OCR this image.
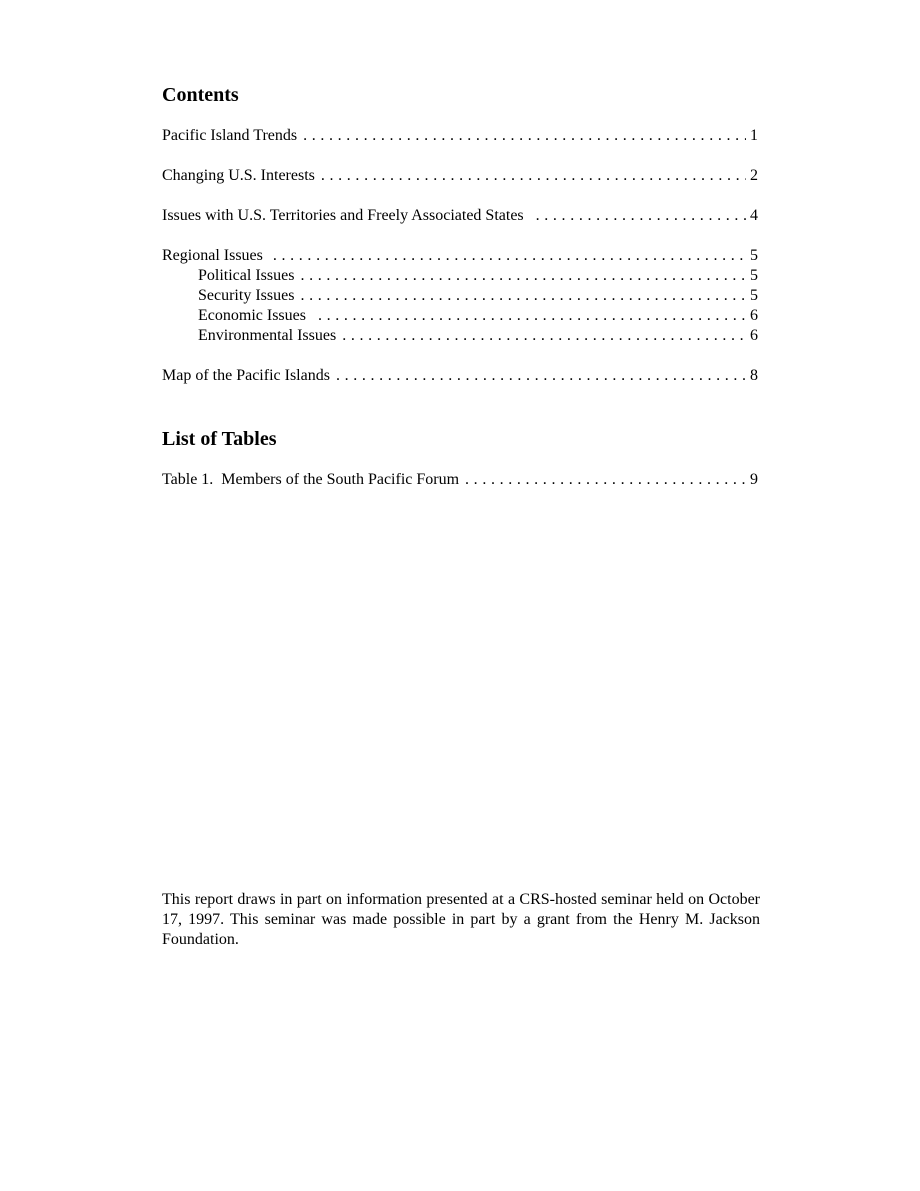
Contents
Pacific Island Trends . . .	1
Changing U.S. Interests . . .	2
Issues with U.S. Territories and Freely Associated States . . .	4
Regional Issues . . .	5
Political Issues . . .	5
Security Issues . . .	5
Economic Issues . . .	6
Environmental Issues . . .	6
Map of the Pacific Islands . . .	8
List of Tables
Table 1.  Members of the South Pacific Forum . . .	9

This report draws in part on information presented at a CRS-hosted seminar held on October 17, 1997. This seminar was made possible in part by a grant from the Henry M. Jackson Foundation.
